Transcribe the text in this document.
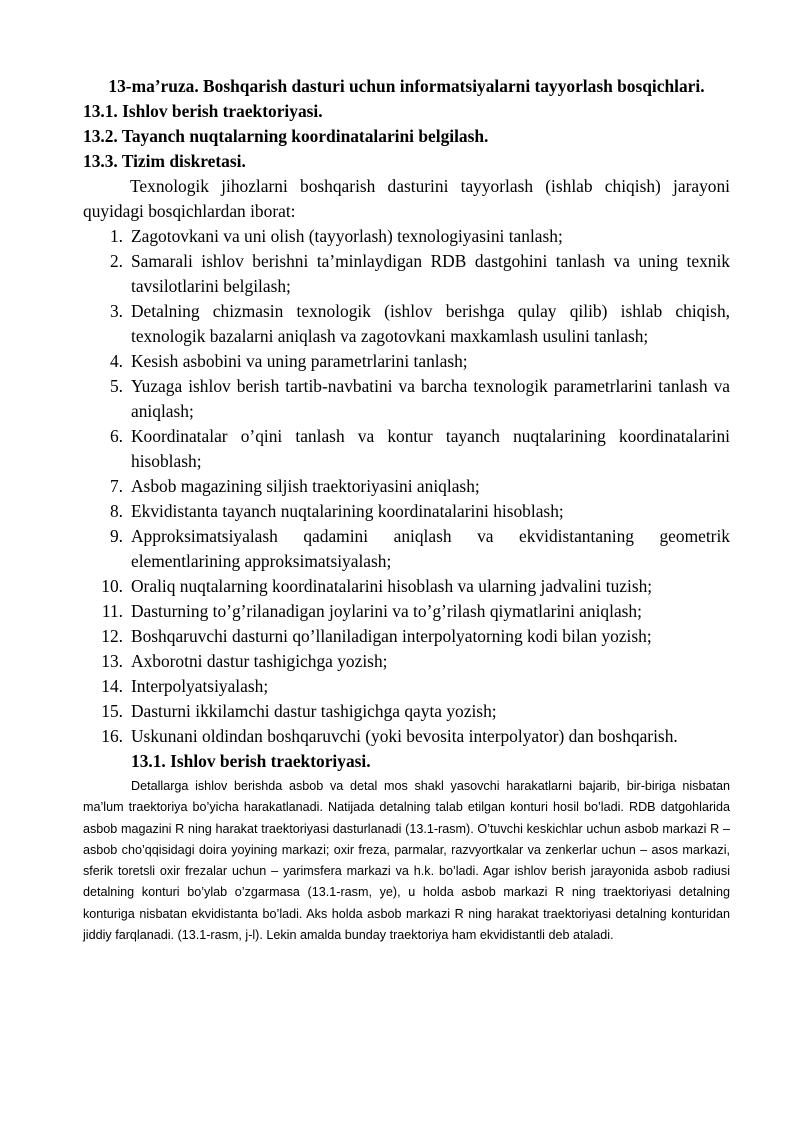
13-ma’ruza. Boshqarish dasturi uchun informatsiyalarni tayyorlash bosqichlari.

13.1. Ishlov berish traektoriyasi.

13.2. Tayanch nuqtalarning koordinatalarini belgilash.

13.3. Tizim diskretasi.

Texnologik jihozlarni boshqarish dasturini tayyorlash (ishlab chiqish) jarayoni quyidagi bosqichlardan iborat:

1. Zagotovkani va uni olish (tayyorlash) texnologiyasini tanlash;
2. Samarali ishlov berishni ta’minlaydigan RDB dastgohini tanlash va uning texnik tavsilotlarini belgilash;
3. Detalning chizmasin texnologik (ishlov berishga qulay qilib) ishlab chiqish, texnologik bazalarni aniqlash va zagotovkani maxkamlash usulini tanlash;
4. Kesish asbobini va uning parametrlarini tanlash;
5. Yuzaga ishlov berish tartib-navbatini va barcha texnologik parametrlarini tanlash va aniqlash;
6. Koordinatalar o’qini tanlash va kontur tayanch nuqtalarining koordinatalarini hisoblash;
7. Asbob magazining siljish traektoriyasini aniqlash;
8. Ekvidistanta tayanch nuqtalarining koordinatalarini hisoblash;
9. Approksimatsiyalash qadamini aniqlash va ekvidistantaning geometrik elementlarining approksimatsiyalash;
10. Oraliq nuqtalarning koordinatalarini hisoblash va ularning jadvalini tuzish;
11. Dasturning to’g’rilanadigan joylarini va to’g’rilash qiymatlarini aniqlash;
12. Boshqaruvchi dasturni qo’llaniladigan interpolyatorning kodi bilan yozish;
13. Axborotni dastur tashigichga yozish;
14. Interpolyatsiyalash;
15. Dasturni ikkilamchi dastur tashigichga qayta yozish;
16. Uskunani oldindan boshqaruvchi (yoki bevosita interpolyator) dan boshqarish.

13.1. Ishlov berish traektoriyasi.

Detallarga ishlov berishda asbob va detal mos shakl yasovchi harakatlarni bajarib, bir-biriga nisbatan ma’lum traektoriya bo’yicha harakatlanadi. Natijada detalning talab etilgan konturi hosil bo’ladi. RDB datgohlarida asbob magazini R ning harakat traektoriyasi dasturlanadi (13.1-rasm). O’tuvchi keskichlar uchun asbob markazi R – asbob cho’qqisidagi doira yoyining markazi; oxir freza, parmalar, razvyortkalar va zenkerlar uchun – asos markazi, sferik toretsli oxir frezalar uchun – yarimsfera markazi va h.k. bo’ladi. Agar ishlov berish jarayonida asbob radiusi detalning konturi bo’ylab o’zgarmasa (13.1-rasm, ye), u holda asbob markazi R ning traektoriyasi detalning konturiga nisbatan ekvidistanta bo’ladi. Aks holda asbob markazi R ning harakat traektoriyasi detalning konturidan jiddiy farqlanadi. (13.1-rasm, j-l). Lekin amalda bunday traektoriya ham ekvidistantli deb ataladi.
